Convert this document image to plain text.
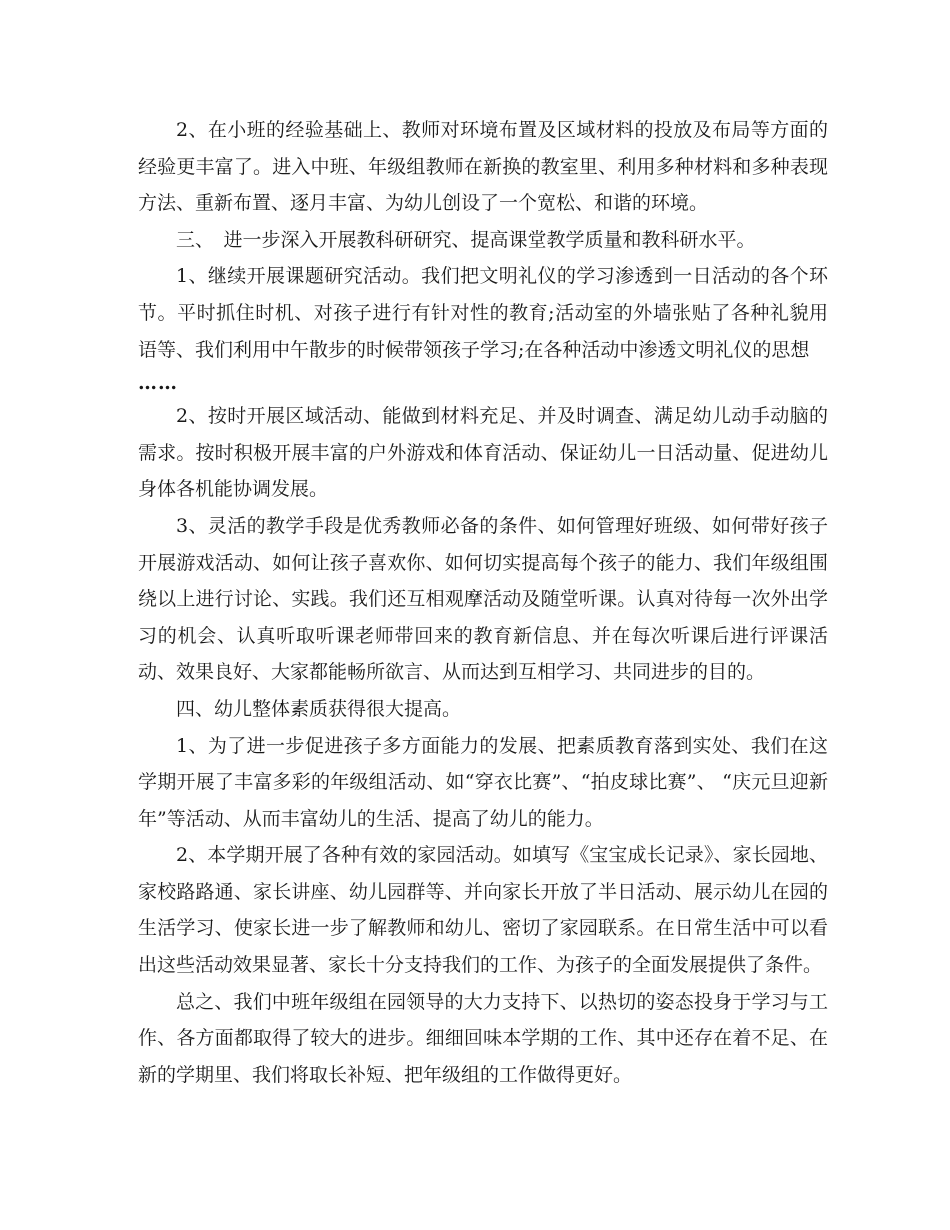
2、在小班的经验基础上、教师对环境布置及区域材料的投放及布局等方面的经验更丰富了。进入中班、年级组教师在新换的教室里、利用多种材料和多种表现方法、重新布置、逐月丰富、为幼儿创设了一个宽松、和谐的环境。

三、　进一步深入开展教科研研究、提高课堂教学质量和教科研水平。

1、继续开展课题研究活动。我们把文明礼仪的学习渗透到一日活动的各个环节。平时抓住时机、对孩子进行有针对性的教育;活动室的外墙张贴了各种礼貌用语等、我们利用中午散步的时候带领孩子学习;在各种活动中渗透文明礼仪的思想

……

2、按时开展区域活动、能做到材料充足、并及时调查、满足幼儿动手动脑的需求。按时积极开展丰富的户外游戏和体育活动、保证幼儿一日活动量、促进幼儿身体各机能协调发展。

3、灵活的教学手段是优秀教师必备的条件、如何管理好班级、如何带好孩子开展游戏活动、如何让孩子喜欢你、如何切实提高每个孩子的能力、我们年级组围绕以上进行讨论、实践。我们还互相观摩活动及随堂听课。认真对待每一次外出学习的机会、认真听取听课老师带回来的教育新信息、并在每次听课后进行评课活动、效果良好、大家都能畅所欲言、从而达到互相学习、共同进步的目的。

四、幼儿整体素质获得很大提高。

1、为了进一步促进孩子多方面能力的发展、把素质教育落到实处、我们在这学期开展了丰富多彩的年级组活动、如“穿衣比赛”、“拍皮球比赛”、 “庆元旦迎新年”等活动、从而丰富幼儿的生活、提高了幼儿的能力。

2、本学期开展了各种有效的家园活动。如填写《宝宝成长记录》、家长园地、家校路路通、家长讲座、幼儿园群等、并向家长开放了半日活动、展示幼儿在园的生活学习、使家长进一步了解教师和幼儿、密切了家园联系。在日常生活中可以看出这些活动效果显著、家长十分支持我们的工作、为孩子的全面发展提供了条件。

总之、我们中班年级组在园领导的大力支持下、以热切的姿态投身于学习与工作、各方面都取得了较大的进步。细细回味本学期的工作、其中还存在着不足、在新的学期里、我们将取长补短、把年级组的工作做得更好。
